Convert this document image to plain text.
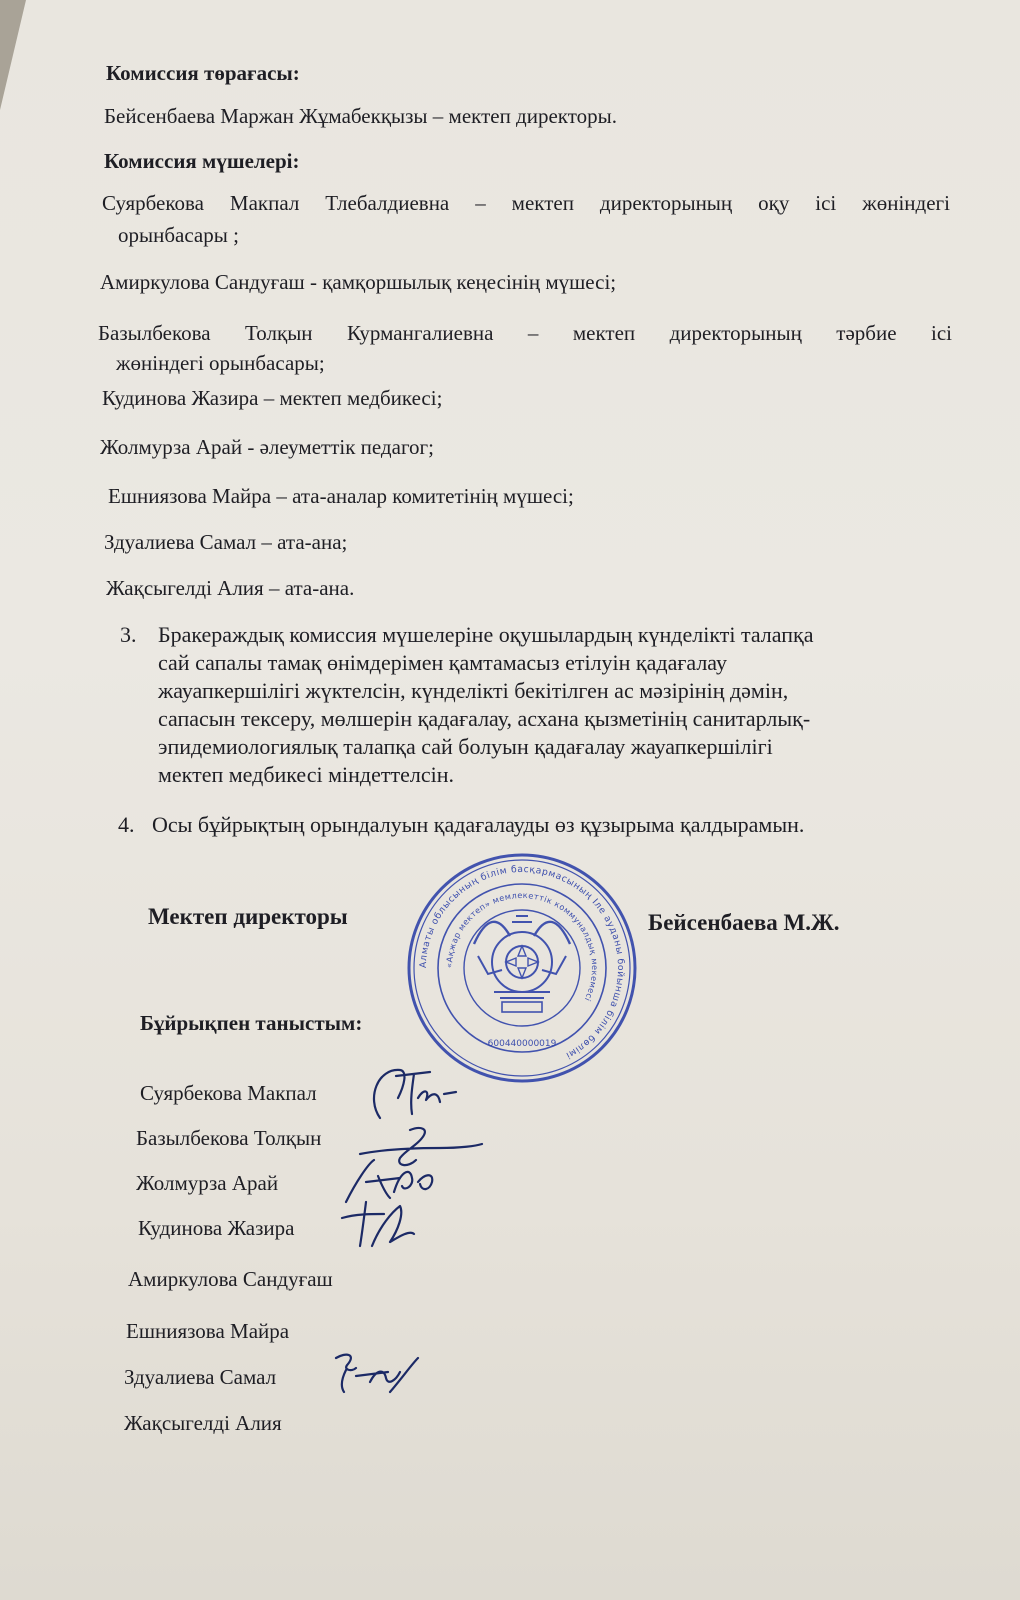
Комиссия төрағасы:
Бейсенбаева Маржан Жұмабекқызы – мектеп директоры.
Комиссия мүшелері:
Суярбекова Макпал Тлебалдиевна – мектеп директорының оқу ісі жөніндегі
орынбасары ;
Амиркулова Сандуғаш - қамқоршылық кеңесінің мүшесі;
Базылбекова Толқын Курмангалиевна – мектеп директорының тәрбие ісі
жөніндегі орынбасары;
Кудинова Жазира – мектеп медбикесі;
Жолмурза Арай - әлеуметтік педагог;
Ешниязова Майра – ата-аналар комитетінің мүшесі;
Здуалиева Самал – ата-ана;
Жақсыгелді Алия – ата-ана.
3. Бракераждық комиссия мүшелеріне оқушылардың күнделікті талапқа
сай сапалы тамақ өнімдерімен қамтамасыз етілуін қадағалау
жауапкершілігі жүктелсін, күнделікті бекітілген ас мәзірінің дәмін,
сапасын тексеру, мөлшерін қадағалау, асхана қызметінің санитарлық-
эпидемиологиялық талапқа сай болуын қадағалау жауапкершілігі
мектеп медбикесі міндеттелсін.
4. Осы бұйрықтың орындалуын қадағалауды өз құзырыма қалдырамын.
Алматы облысының білім басқармасының Іле ауданы бойынша білім бөлімі
«Ақжар мектеп» мемлекеттік коммуналдық мекемесі
600440000019
Мектеп директоры	Бейсенбаева М.Ж.
Бұйрықпен таныстым:
Суярбекова Макпал
Базылбекова Толқын
Жолмурза Арай
Кудинова Жазира
Амиркулова Сандуғаш
Ешниязова Майра
Здуалиева Самал
Жақсыгелді Алия
